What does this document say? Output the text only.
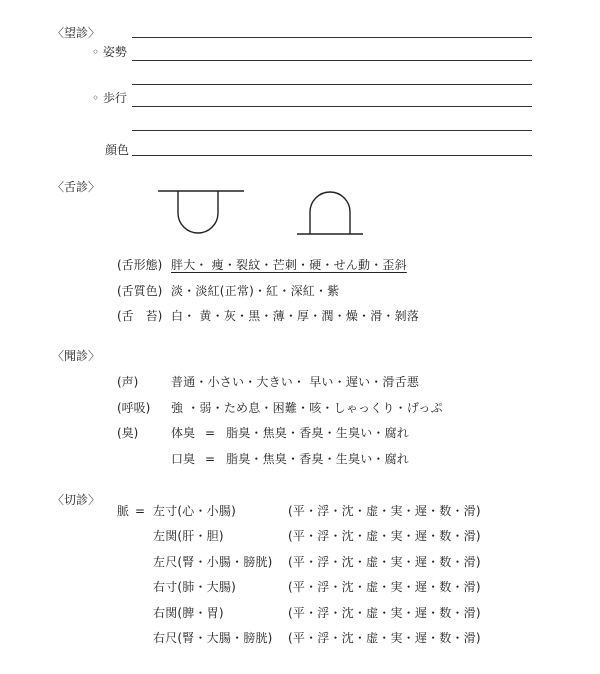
〈望診〉
◦ 姿勢
◦ 歩行
顔色
〈舌診〉
(舌形態) 胖大・ 痩・裂紋・芒刺・硬・せん動・歪斜
(舌質色) 淡・淡紅(正常)・紅・深紅・紫
(舌　苔) 白・ 黄・灰・黒・薄・厚・潤・燥・滑・剝落
〈聞診〉
(声)	普通・小さい・大きい・ 早い・遅い・滑舌悪
(呼吸) 強 ・弱・ため息・困難・咳・しゃっくり・げっぷ
(臭)	体臭 = 脂臭・焦臭・香臭・生臭い・腐れ
口臭 = 脂臭・焦臭・香臭・生臭い・腐れ
〈切診〉
脈 = 左寸(心・小腸)	(平・浮・沈・虚・実・遅・数・滑)
左関(肝・胆)	(平・浮・沈・虚・実・遅・数・滑)
左尺(腎・小腸・膀胱) (平・浮・沈・虚・実・遅・数・滑)
右寸(肺・大腸)	(平・浮・沈・虚・実・遅・数・滑)
右関(脾・胃)	(平・浮・沈・虚・実・遅・数・滑)
右尺(腎・大腸・膀胱) (平・浮・沈・虚・実・遅・数・滑)
